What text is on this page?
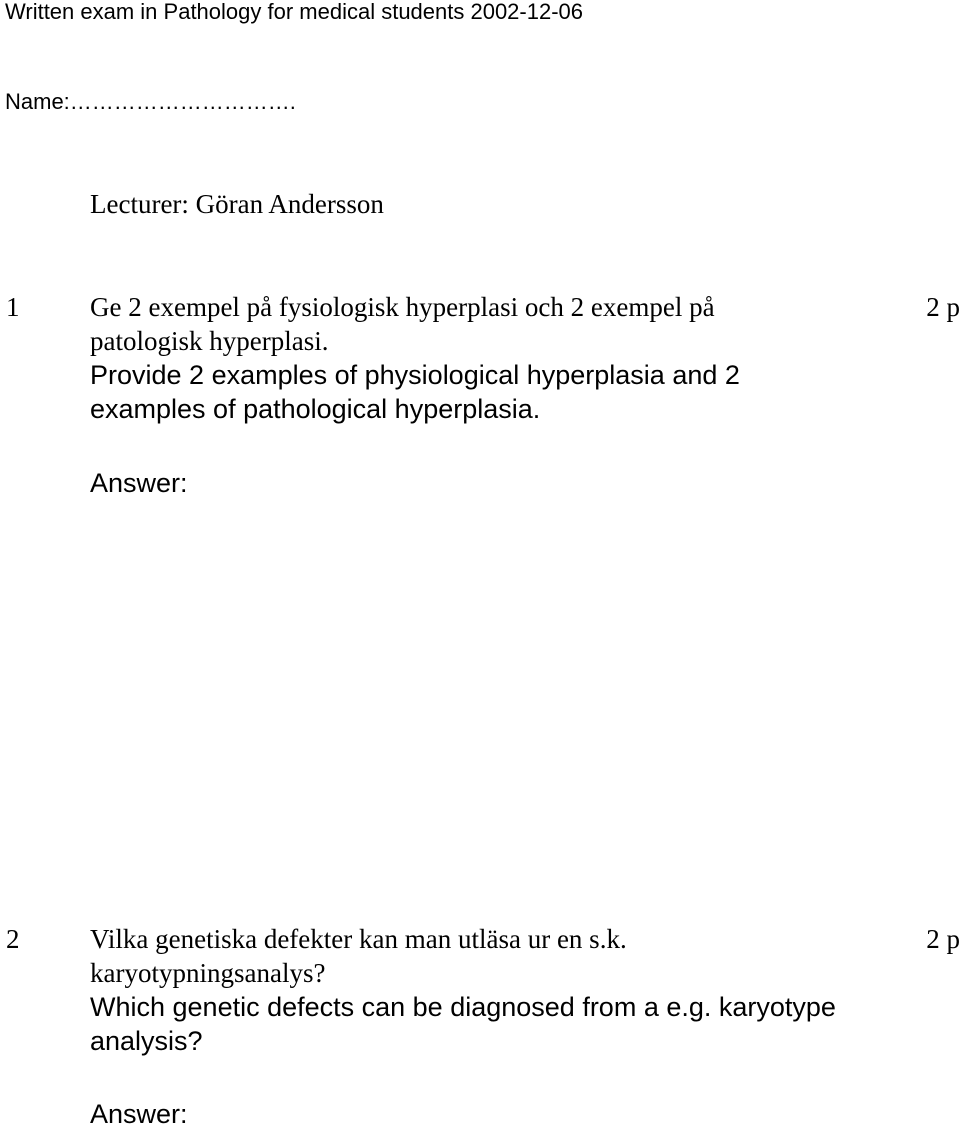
Written exam in Pathology for medical students 2002-12-06
Name:………………………….
Lecturer: Göran Andersson
1	Ge 2 exempel på fysiologisk hyperplasi och 2 exempel på
patologisk hyperplasi.
Provide 2 examples of physiological hyperplasia and 2
examples of pathological hyperplasia.
2 p
Answer:
2	Vilka genetiska defekter kan man utläsa ur en s.k.
karyotypningsanalys?
Which genetic defects can be diagnosed from a e.g. karyotype
analysis?
2 p
Answer:
